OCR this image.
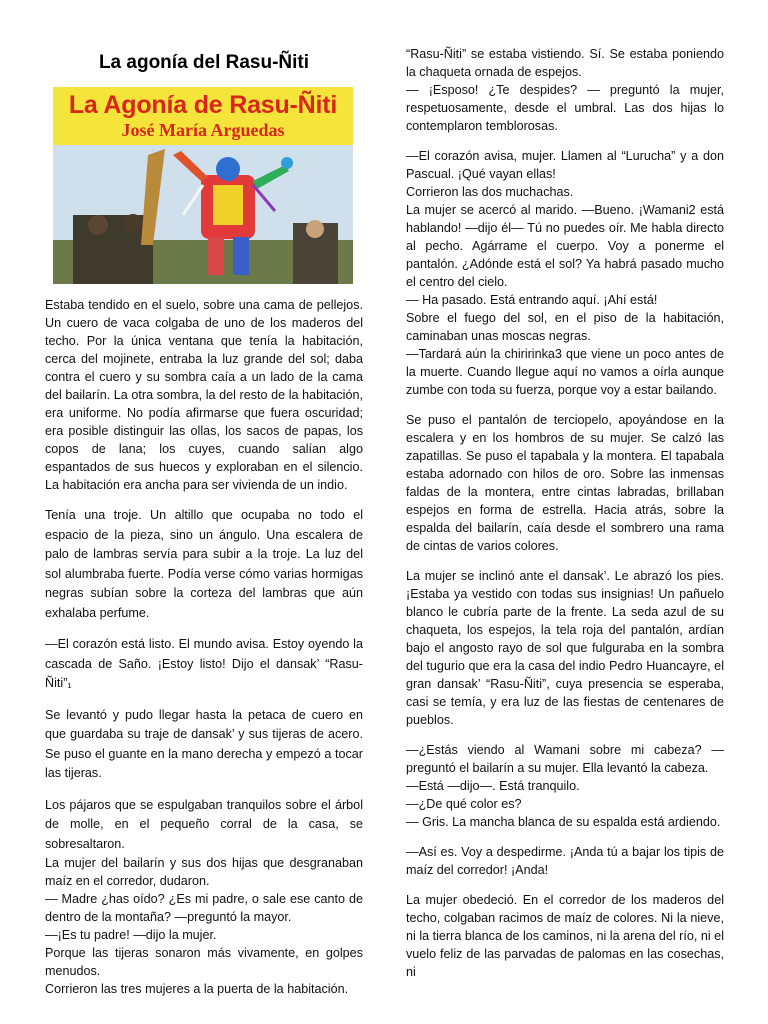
La agonía del Rasu-Ñiti
La Agonía de Rasu-Ñiti
José María Arguedas

Estaba tendido en el suelo, sobre una cama de pellejos. Un cuero de vaca colgaba de uno de los maderos del techo. Por la única ventana que tenía la habitación, cerca del mojinete, entraba la luz grande del sol; daba contra el cuero y su sombra caía a un lado de la cama del bailarín. La otra sombra, la del resto de la habitación, era uniforme. No podía afirmarse que fuera oscuridad; era posible distinguir las ollas, los sacos de papas, los copos de lana; los cuyes, cuando salían algo espantados de sus huecos y exploraban en el silencio. La habitación era ancha para ser vivienda de un indio.

Tenía una troje. Un altillo que ocupaba no todo el espacio de la pieza, sino un ángulo. Una escalera de palo de lambras servía para subir a la troje. La luz del sol alumbraba fuerte. Podía verse cómo varias hormigas negras subían sobre la corteza del lambras que aún exhalaba perfume.

—El corazón está listo. El mundo avisa. Estoy oyendo la cascada de Saño. ¡Estoy listo! Dijo el dansak’ “Rasu-Ñiti”₁

Se levantó y pudo llegar hasta la petaca de cuero en que guardaba su traje de dansak’ y sus tijeras de acero. Se puso el guante en la mano derecha y empezó a tocar las tijeras.

Los pájaros que se espulgaban tranquilos sobre el árbol de molle, en el pequeño corral de la casa, se sobresaltaron.

La mujer del bailarín y sus dos hijas que desgranaban maíz en el corredor, dudaron.

— Madre ¿has oído? ¿Es mi padre, o sale ese canto de dentro de la montaña? —preguntó la mayor.

—¡Es tu padre! —dijo la mujer.

Porque las tijeras sonaron más vivamente, en golpes menudos.

Corrieron las tres mujeres a la puerta de la habitación.

“Rasu-Ñiti” se estaba vistiendo. Sí. Se estaba poniendo la chaqueta ornada de espejos.

— ¡Esposo! ¿Te despides? — preguntó la mujer, respetuosamente, desde el umbral. Las dos hijas lo contemplaron temblorosas.

—El corazón avisa, mujer. Llamen al “Lurucha” y a don Pascual. ¡Qué vayan ellas!

Corrieron las dos muchachas.

La mujer se acercó al marido. —Bueno. ¡Wamani2 está hablando! —dijo él— Tú no puedes oír. Me habla directo al pecho. Agárrame el cuerpo. Voy a ponerme el pantalón. ¿Adónde está el sol? Ya habrá pasado mucho el centro del cielo.

— Ha pasado. Está entrando aquí. ¡Ahí está!

Sobre el fuego del sol, en el piso de la habitación, caminaban unas moscas negras.

—Tardará aún la chiririnka3 que viene un poco antes de la muerte. Cuando llegue aquí no vamos a oírla aunque zumbe con toda su fuerza, porque voy a estar bailando.

Se puso el pantalón de terciopelo, apoyándose en la escalera y en los hombros de su mujer. Se calzó las zapatillas. Se puso el tapabala y la montera. El tapabala estaba adornado con hilos de oro. Sobre las inmensas faldas de la montera, entre cintas labradas, brillaban espejos en forma de estrella. Hacia atrás, sobre la espalda del bailarín, caía desde el sombrero una rama de cintas de varios colores.

La mujer se inclinó ante el dansak’. Le abrazó los pies. ¡Estaba ya vestido con todas sus insignias! Un pañuelo blanco le cubría parte de la frente. La seda azul de su chaqueta, los espejos, la tela roja del pantalón, ardían bajo el angosto rayo de sol que fulguraba en la sombra del tugurio que era la casa del indio Pedro Huancayre, el gran dansak’ “Rasu-Ñiti”, cuya presencia se esperaba, casi se temía, y era luz de las fiestas de centenares de pueblos.

—¿Estás viendo al Wamani sobre mi cabeza? — preguntó el bailarín a su mujer. Ella levantó la cabeza.

—Está —dijo—. Está tranquilo.

—¿De qué color es?

— Gris. La mancha blanca de su espalda está ardiendo.

—Así es. Voy a despedirme. ¡Anda tú a bajar los tipis de maíz del corredor! ¡Anda!

La mujer obedeció. En el corredor de los maderos del techo, colgaban racimos de maíz de colores. Ni la nieve, ni la tierra blanca de los caminos, ni la arena del río, ni el vuelo feliz de las parvadas de palomas en las cosechas, ni
